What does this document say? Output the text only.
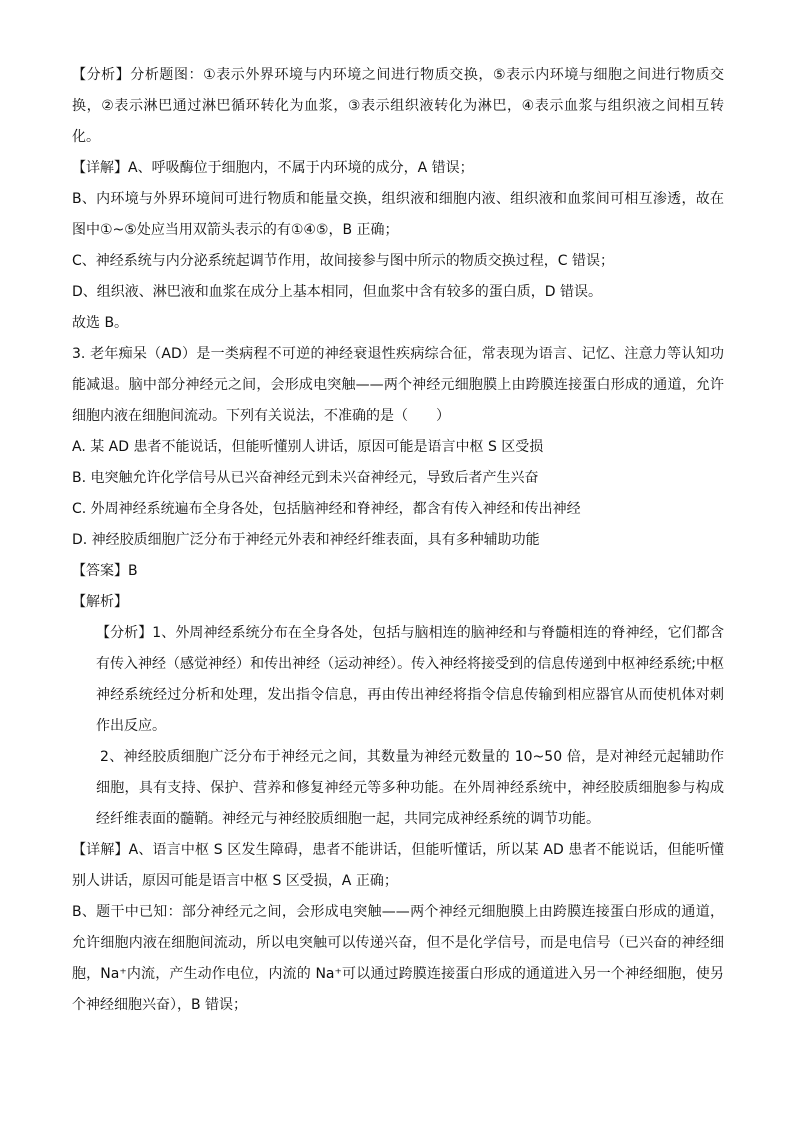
【分析】分析题图：①表示外界环境与内环境之间进行物质交换，⑤表示内环境与细胞之间进行物质交
换，②表示淋巴通过淋巴循环转化为血浆，③表示组织液转化为淋巴，④表示血浆与组织液之间相互转
化。
【详解】A、呼吸酶位于细胞内，不属于内环境的成分，A 错误；
B、内环境与外界环境间可进行物质和能量交换，组织液和细胞内液、组织液和血浆间可相互渗透，故在
图中①~⑤处应当用双箭头表示的有①④⑤，B 正确；
C、神经系统与内分泌系统起调节作用，故间接参与图中所示的物质交换过程，C 错误；
D、组织液、淋巴液和血浆在成分上基本相同，但血浆中含有较多的蛋白质，D 错误。
故选 B。
3. 老年痴呆（AD）是一类病程不可逆的神经衰退性疾病综合征，常表现为语言、记忆、注意力等认知功
能减退。脑中部分神经元之间，会形成电突触——两个神经元细胞膜上由跨膜连接蛋白形成的通道，允许
细胞内液在细胞间流动。下列有关说法，不准确的是（　　）
A. 某 AD 患者不能说话，但能听懂别人讲话，原因可能是语言中枢 S 区受损
B. 电突触允许化学信号从已兴奋神经元到未兴奋神经元，导致后者产生兴奋
C. 外周神经系统遍布全身各处，包括脑神经和脊神经，都含有传入神经和传出神经
D. 神经胶质细胞广泛分布于神经元外表和神经纤维表面，具有多种辅助功能
【答案】B
【解析】
【分析】1、外周神经系统分布在全身各处，包括与脑相连的脑神经和与脊髓相连的脊神经，它们都含
有传入神经（感觉神经）和传出神经（运动神经）。传入神经将接受到的信息传递到中枢神经系统;中枢
神经系统经过分析和处理，发出指令信息，再由传出神经将指令信息传输到相应器官从而使机体对刺
作出反应。
2、神经胶质细胞广泛分布于神经元之间，其数量为神经元数量的 10~50 倍，是对神经元起辅助作
细胞，具有支持、保护、营养和修复神经元等多种功能。在外周神经系统中，神经胶质细胞参与构成
经纤维表面的髓鞘。神经元与神经胶质细胞一起，共同完成神经系统的调节功能。
【详解】A、语言中枢 S 区发生障碍，患者不能讲话，但能听懂话，所以某 AD 患者不能说话，但能听懂
别人讲话，原因可能是语言中枢 S 区受损，A 正确；
B、题干中已知：部分神经元之间，会形成电突触——两个神经元细胞膜上由跨膜连接蛋白形成的通道，
允许细胞内液在细胞间流动，所以电突触可以传递兴奋，但不是化学信号，而是电信号（已兴奋的神经细
胞，Na⁺内流，产生动作电位，内流的 Na⁺可以通过跨膜连接蛋白形成的通道进入另一个神经细胞，使另
个神经细胞兴奋），B 错误；
